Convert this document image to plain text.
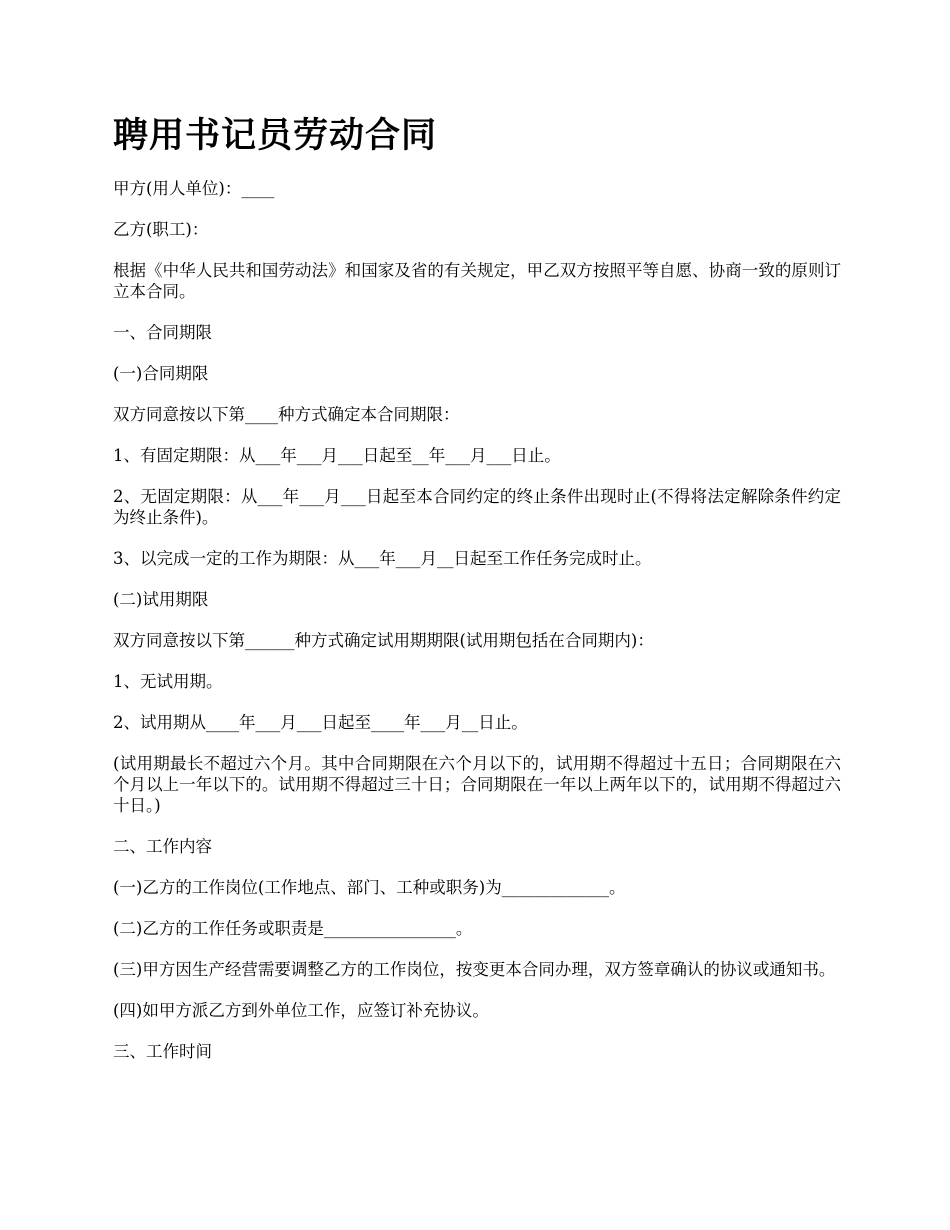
聘用书记员劳动合同

甲方(用人单位)：____

乙方(职工)：

根据《中华人民共和国劳动法》和国家及省的有关规定，甲乙双方按照平等自愿、协商一致的原则订立本合同。

一、合同期限

(一)合同期限

双方同意按以下第____种方式确定本合同期限：

1、有固定期限：从___年___月___日起至__年___月___日止。

2、无固定期限：从___年___月___日起至本合同约定的终止条件出现时止(不得将法定解除条件约定为终止条件)。

3、以完成一定的工作为期限：从___年___月__日起至工作任务完成时止。

(二)试用期限

双方同意按以下第______种方式确定试用期期限(试用期包括在合同期内)：

1、无试用期。

2、试用期从____年___月___日起至____年___月__日止。

(试用期最长不超过六个月。其中合同期限在六个月以下的，试用期不得超过十五日；合同期限在六个月以上一年以下的。试用期不得超过三十日；合同期限在一年以上两年以下的，试用期不得超过六十日。)

二、工作内容

(一)乙方的工作岗位(工作地点、部门、工种或职务)为_____________。

(二)乙方的工作任务或职责是________________。

(三)甲方因生产经营需要调整乙方的工作岗位，按变更本合同办理，双方签章确认的协议或通知书。

(四)如甲方派乙方到外单位工作，应签订补充协议。

三、工作时间
